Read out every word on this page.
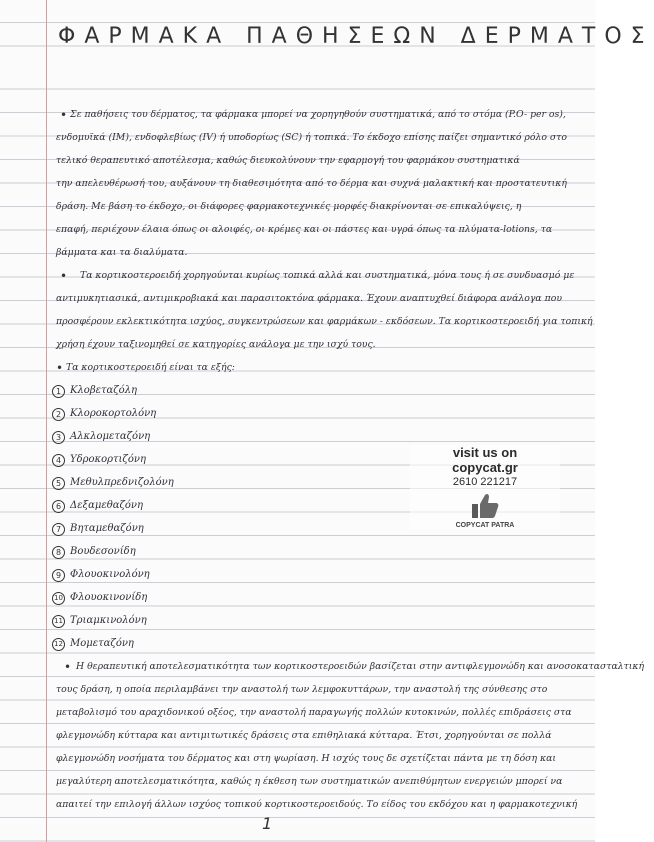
ΦΑΡΜΑΚΑ ΠΑΘΗΣΕΩΝ ΔΕΡΜΑΤΟΣ
• Σε παθήσεις του δέρματος, τα φάρμακα μπορεί να χορηγηθούν συστηματικά, από το στόμα (P.O- per os),
ενδομυϊκά (IM), ενδοφλεβίως (IV) ή υποδορίως (SC) ή τοπικά. Το έκδοχο επίσης παίζει σημαντικό ρόλο στο
τελικό θεραπευτικό αποτέλεσμα, καθώς διευκολύνουν την εφαρμογή του φαρμάκου συστηματικά
την απελευθέρωσή του, αυξάνουν τη διαθεσιμότητα από το δέρμα και συχνά μαλακτική και προστατευτική
δράση. Με βάση το έκδοχο, οι διάφορες φαρμακοτεχνικές μορφές διακρίνονται σε επικαλύψεις, η
επαφή, περιέχουν έλαια όπως οι αλοιφές, οι κρέμες και οι πάστες και υγρά όπως τα πλύματα-lotions, τα
βάμματα και τα διαλύματα.
• Τα κορτικοστεροειδή χορηγούνται κυρίως τοπικά αλλά και συστηματικά, μόνα τους ή σε συνδυασμό με
αντιμυκητιασικά, αντιμικροβιακά και παρασιτοκτόνα φάρμακα. Έχουν αναπτυχθεί διάφορα ανάλογα που
προσφέρουν εκλεκτικότητα ισχύος, συγκεντρώσεων και φαρμάκων - εκδόσεων. Τα κορτικοστεροειδή για τοπική
χρήση έχουν ταξινομηθεί σε κατηγορίες ανάλογα με την ισχύ τους.
• Τα κορτικοστεροειδή είναι τα εξής:
1 Κλοβεταζόλη
2 Κλοροκορτολόνη
3 Αλκλομεταζόνη
4 Υδροκορτιζόνη
5 Μεθυλπρεδνιζολόνη
6 Δεξαμεθαζόνη
7 Βηταμεθαζόνη
8 Βουδεσονίδη
9 Φλουοκινολόνη
10 Φλουοκινονίδη
11 Τριαμκινολόνη
12 Μομεταζόνη
• Η θεραπευτική αποτελεσματικότητα των κορτικοστεροειδών βασίζεται στην αντιφλεγμονώδη και ανοσοκατασταλτική
τους δράση, η οποία περιλαμβάνει την αναστολή των λεμφοκυττάρων, την αναστολή της σύνθεσης στο
μεταβολισμό του αραχιδονικού οξέος, την αναστολή παραγωγής πολλών κυτοκινών, πολλές επιδράσεις στα
φλεγμονώδη κύτταρα και αντιμιτωτικές δράσεις στα επιθηλιακά κύτταρα. Έτσι, χορηγούνται σε πολλά
φλεγμονώδη νοσήματα του δέρματος και στη ψωρίαση. Η ισχύς τους δε σχετίζεται πάντα με τη δόση και
μεγαλύτερη αποτελεσματικότητα, καθώς η έκθεση των συστηματικών ανεπιθύμητων ενεργειών μπορεί να
απαιτεί την επιλογή άλλων ισχύος τοπικού κορτικοστεροειδούς. Το είδος του εκδόχου και η φαρμακοτεχνική
visit us on
copycat.gr
2610 221217
COPYCAT PATRA
1
